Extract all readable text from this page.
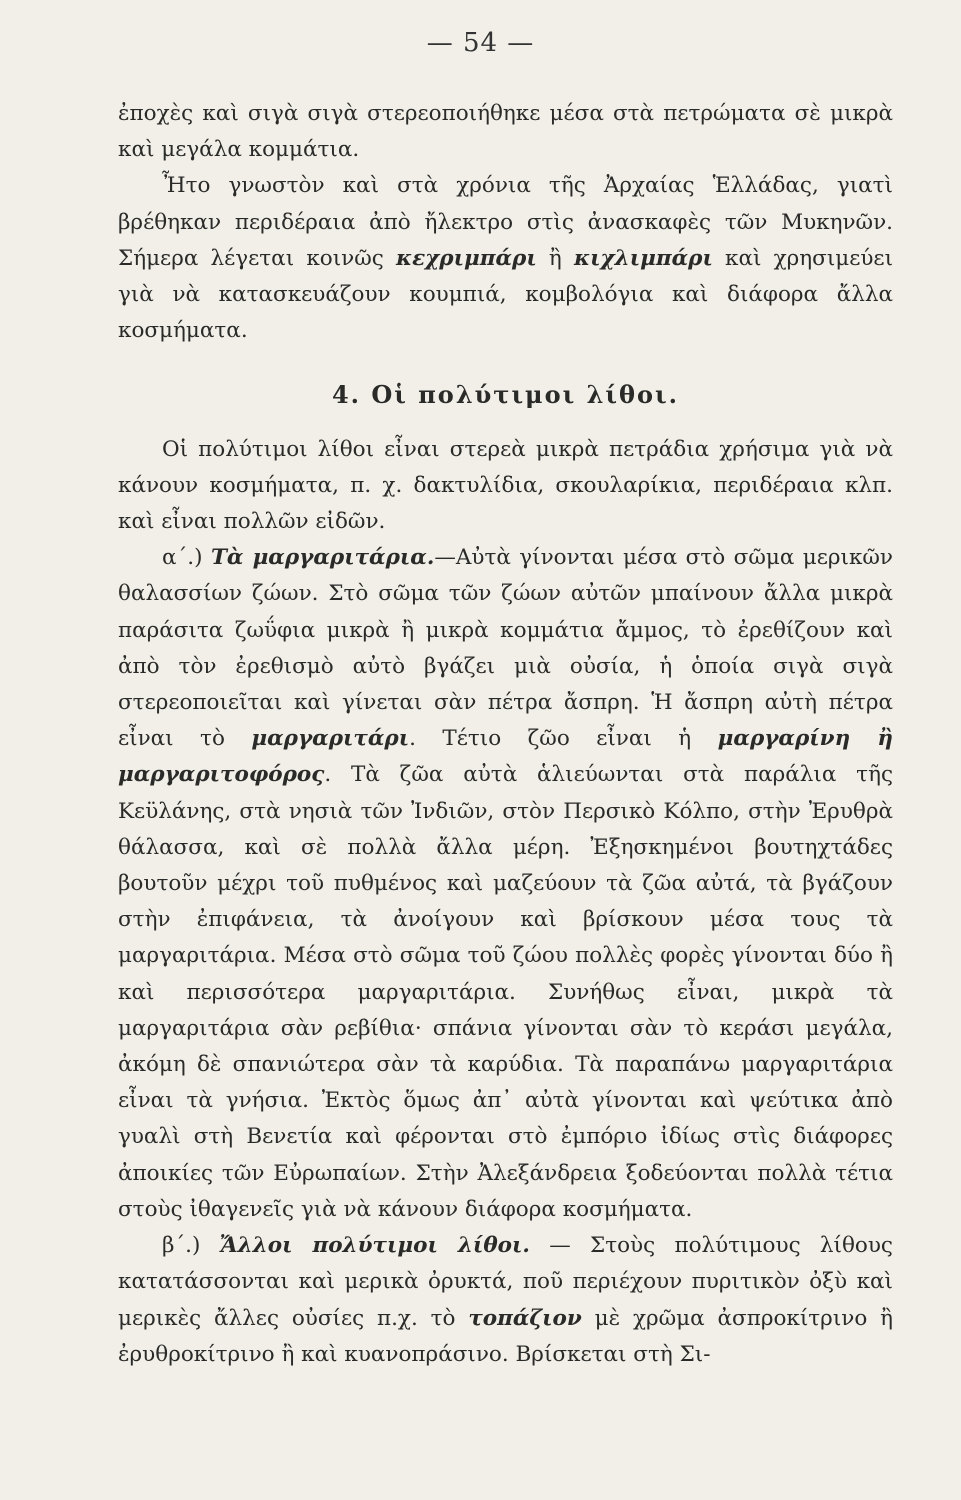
— 54 —

ἐποχὲς καὶ σιγὰ σιγὰ στερεοποιήθηκε μέσα στὰ πετρώματα σὲ μικρὰ καὶ μεγάλα κομμάτια.

Ἦτο γνωστὸν καὶ στὰ χρόνια τῆς Ἀρχαίας Ἑλλάδας, γιατὶ βρέθηκαν περιδέραια ἀπὸ ἤλεκτρο στὶς ἀνασκαφὲς τῶν Μυκηνῶν. Σήμερα λέγεται κοινῶς κεχριμπάρι ἢ κιχλιμπάρι καὶ χρησιμεύει γιὰ νὰ κατασκευάζουν κουμπιά, κομβολόγια καὶ διάφορα ἄλλα κοσμήματα.

4. Οἱ πολύτιμοι λίθοι.

Οἱ πολύτιμοι λίθοι εἶναι στερεὰ μικρὰ πετράδια χρήσιμα γιὰ νὰ κάνουν κοσμήματα, π. χ. δακτυλίδια, σκουλαρίκια, περιδέραια κλπ. καὶ εἶναι πολλῶν εἰδῶν.

α΄.) Τὰ μαργαριτάρια.—Αὐτὰ γίνονται μέσα στὸ σῶμα μερικῶν θαλασσίων ζώων. Στὸ σῶμα τῶν ζώων αὐτῶν μπαίνουν ἄλλα μικρὰ παράσιτα ζωΰφια μικρὰ ἢ μικρὰ κομμάτια ἄμμος, τὸ ἐρεθίζουν καὶ ἀπὸ τὸν ἐρεθισμὸ αὐτὸ βγάζει μιὰ οὐσία, ἡ ὁποία σιγὰ σιγὰ στερεοποιεῖται καὶ γίνεται σὰν πέτρα ἄσπρη. Ἡ ἄσπρη αὐτὴ πέτρα εἶναι τὸ μαργαριτάρι. Τέτιο ζῶο εἶναι ἡ μαργαρίνη ἢ μαργαριτοφόρος. Τὰ ζῶα αὐτὰ ἁλιεύωνται στὰ παράλια τῆς Κεϋλάνης, στὰ νησιὰ τῶν Ἰνδιῶν, στὸν Περσικὸ Κόλπο, στὴν Ἐρυθρὰ θάλασσα, καὶ σὲ πολλὰ ἄλλα μέρη. Ἐξησκημένοι βουτηχτάδες βουτοῦν μέχρι τοῦ πυθμένος καὶ μαζεύουν τὰ ζῶα αὐτά, τὰ βγάζουν στὴν ἐπιφάνεια, τὰ ἀνοίγουν καὶ βρίσκουν μέσα τους τὰ μαργαριτάρια. Μέσα στὸ σῶμα τοῦ ζώου πολλὲς φορὲς γίνονται δύο ἢ καὶ περισσότερα μαργαριτάρια. Συνήθως εἶναι, μικρὰ τὰ μαργαριτάρια σὰν ρεβίθια· σπάνια γίνονται σὰν τὸ κεράσι μεγάλα, ἀκόμη δὲ σπανιώτερα σὰν τὰ καρύδια. Τὰ παραπάνω μαργαριτάρια εἶναι τὰ γνήσια. Ἐκτὸς ὅμως ἀπ᾿ αὐτὰ γίνονται καὶ ψεύτικα ἀπὸ γυαλὶ στὴ Βενετία καὶ φέρονται στὸ ἐμπόριο ἰδίως στὶς διάφορες ἀποικίες τῶν Εὐρωπαίων. Στὴν Ἀλεξάνδρεια ξοδεύονται πολλὰ τέτια στοὺς ἰθαγενεῖς γιὰ νὰ κάνουν διάφορα κοσμήματα.

β΄.) Ἄλλοι πολύτιμοι λίθοι. — Στοὺς πολύτιμους λίθους κατατάσσονται καὶ μερικὰ ὀρυκτά, ποῦ περιέχουν πυριτικὸν ὀξὺ καὶ μερικὲς ἄλλες οὐσίες π.χ. τὸ τοπάζιον μὲ χρῶμα ἀσπροκίτρινο ἢ ἐρυθροκίτρινο ἢ καὶ κυανοπράσινο. Βρίσκεται στὴ Σι-
